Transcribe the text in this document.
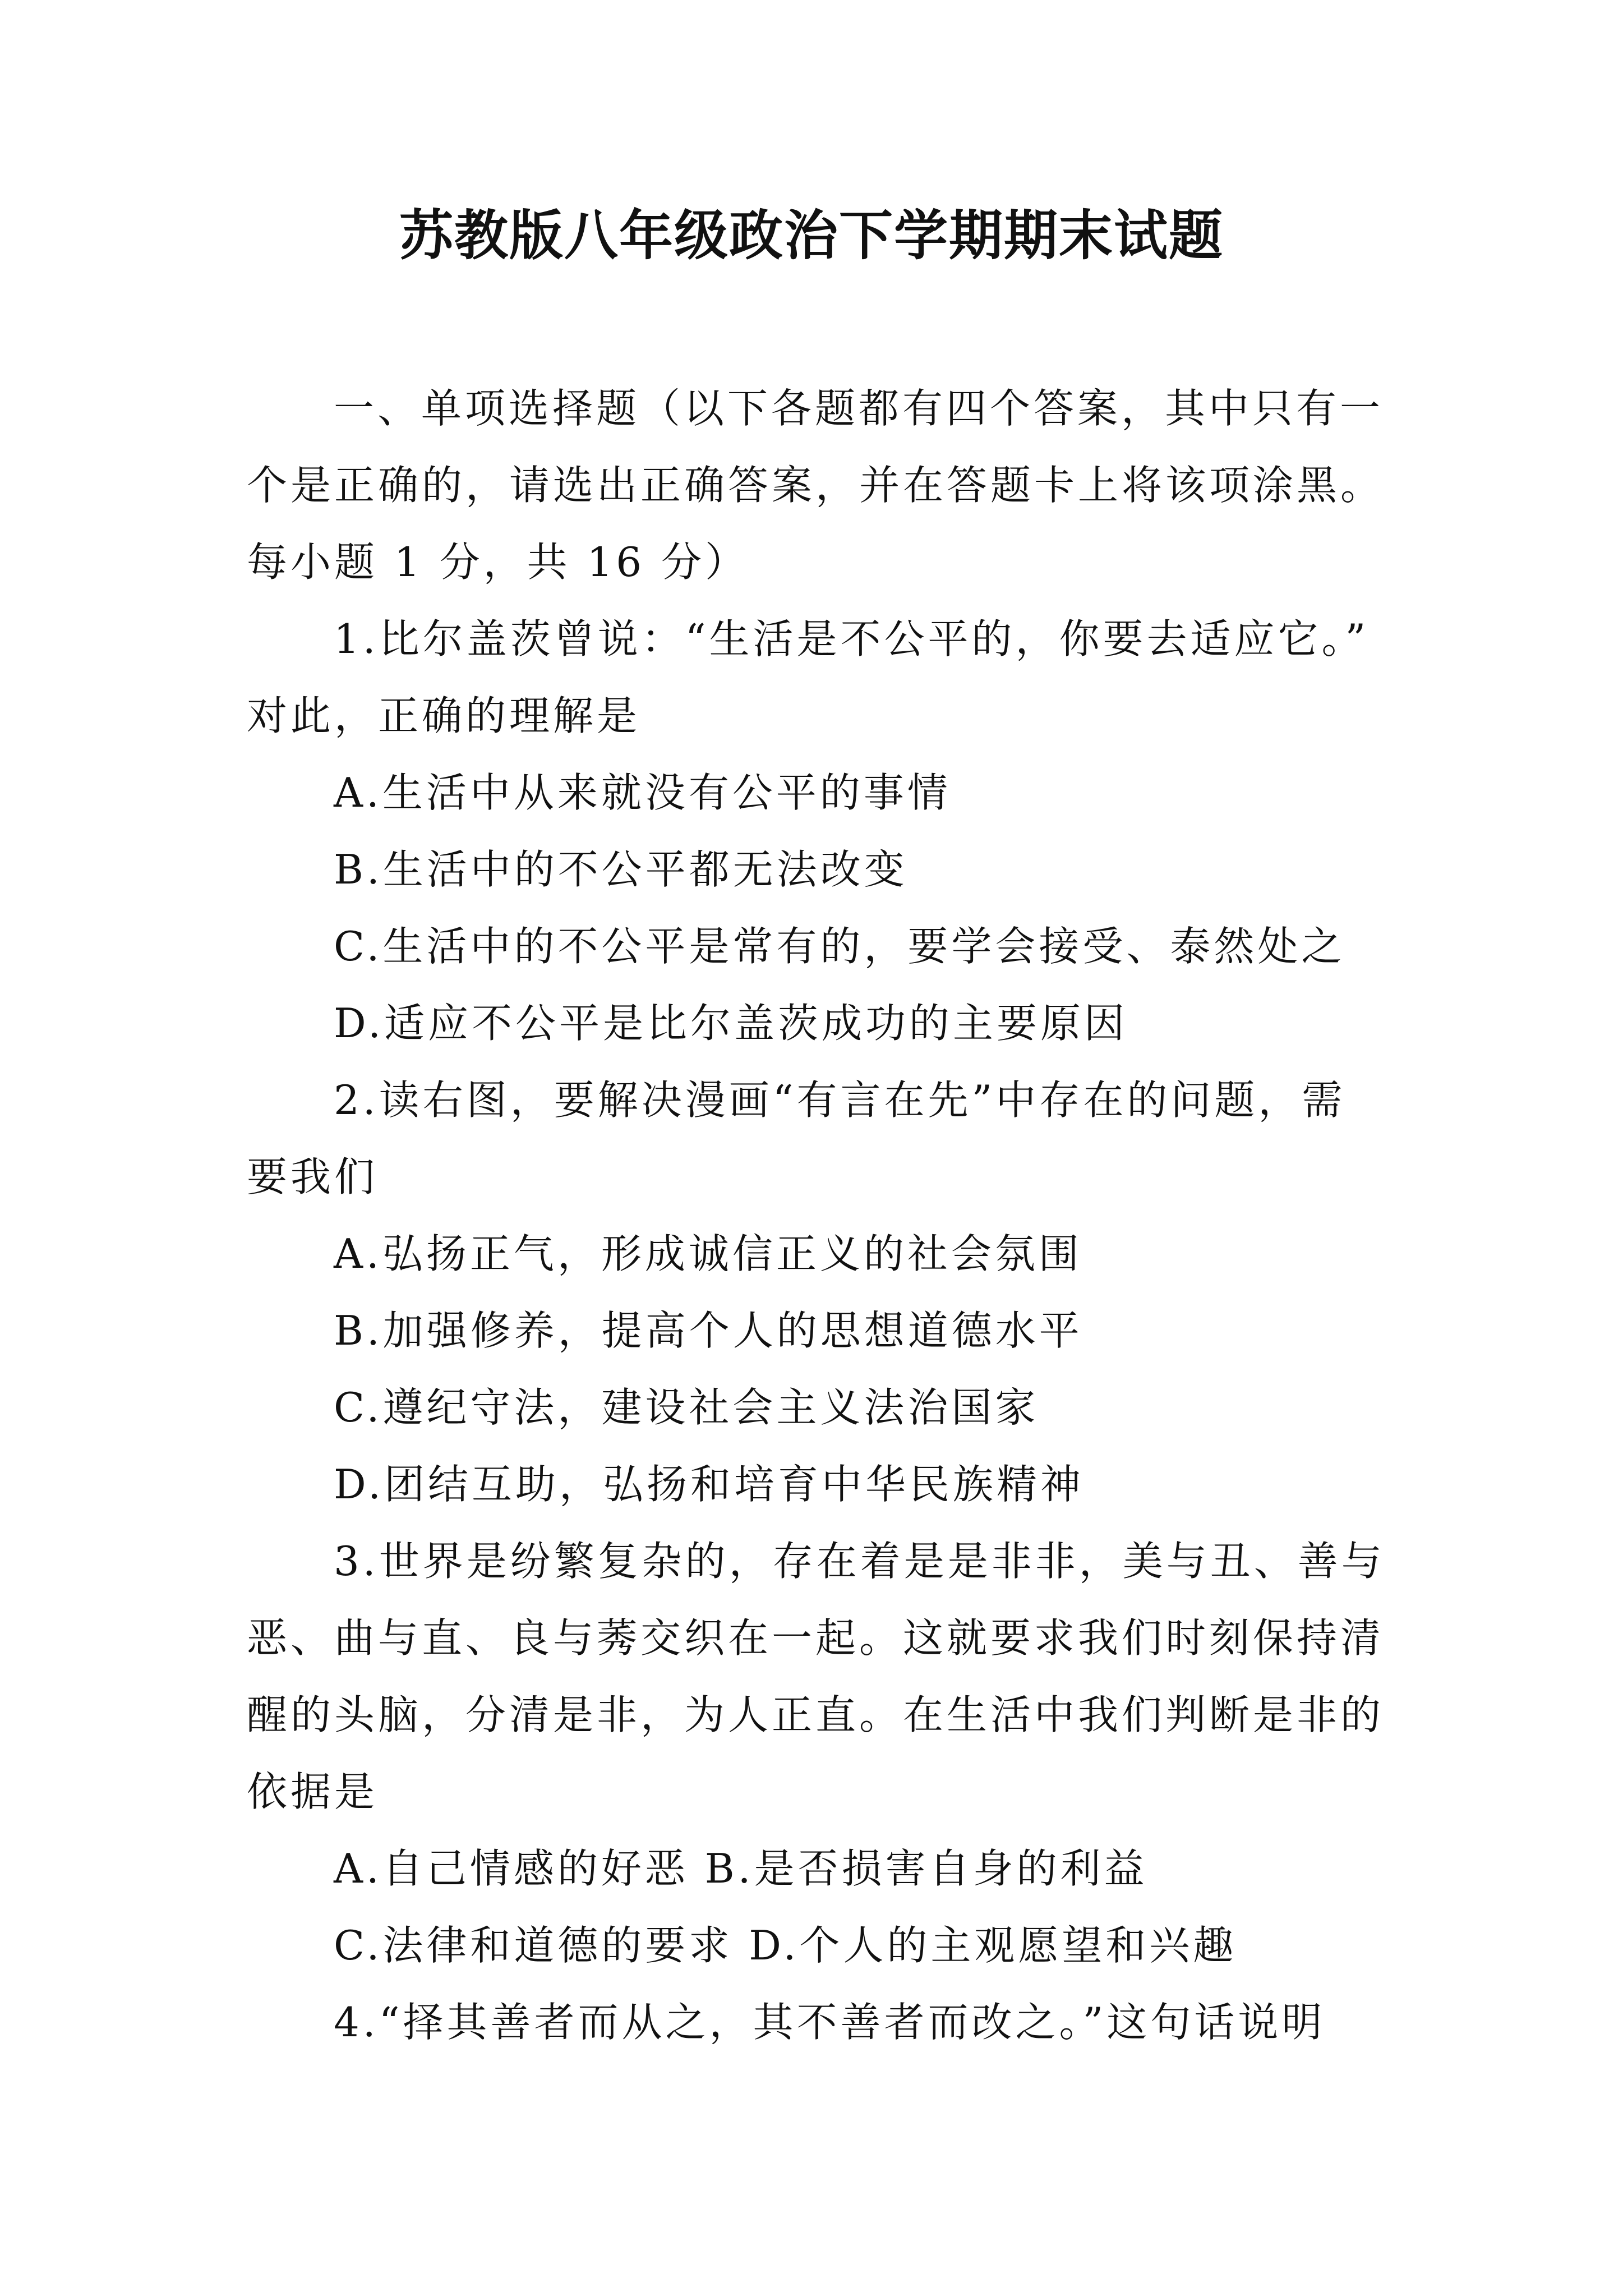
苏教版八年级政治下学期期末试题
一、单项选择题（以下各题都有四个答案，其中只有一
个是正确的，请选出正确答案，并在答题卡上将该项涂黑。
每小题 1 分，共 16 分）
1.比尔盖茨曾说：“生活是不公平的，你要去适应它。”
对此，正确的理解是
A.生活中从来就没有公平的事情
B.生活中的不公平都无法改变
C.生活中的不公平是常有的，要学会接受、泰然处之
D.适应不公平是比尔盖茨成功的主要原因
2.读右图，要解决漫画“有言在先”中存在的问题，需
要我们
A.弘扬正气，形成诚信正义的社会氛围
B.加强修养，提高个人的思想道德水平
C.遵纪守法，建设社会主义法治国家
D.团结互助，弘扬和培育中华民族精神
3.世界是纷繁复杂的，存在着是是非非，美与丑、善与
恶、曲与直、良与莠交织在一起。这就要求我们时刻保持清
醒的头脑，分清是非，为人正直。在生活中我们判断是非的
依据是
A.自己情感的好恶 B.是否损害自身的利益
C.法律和道德的要求 D.个人的主观愿望和兴趣
4.“择其善者而从之，其不善者而改之。”这句话说明
